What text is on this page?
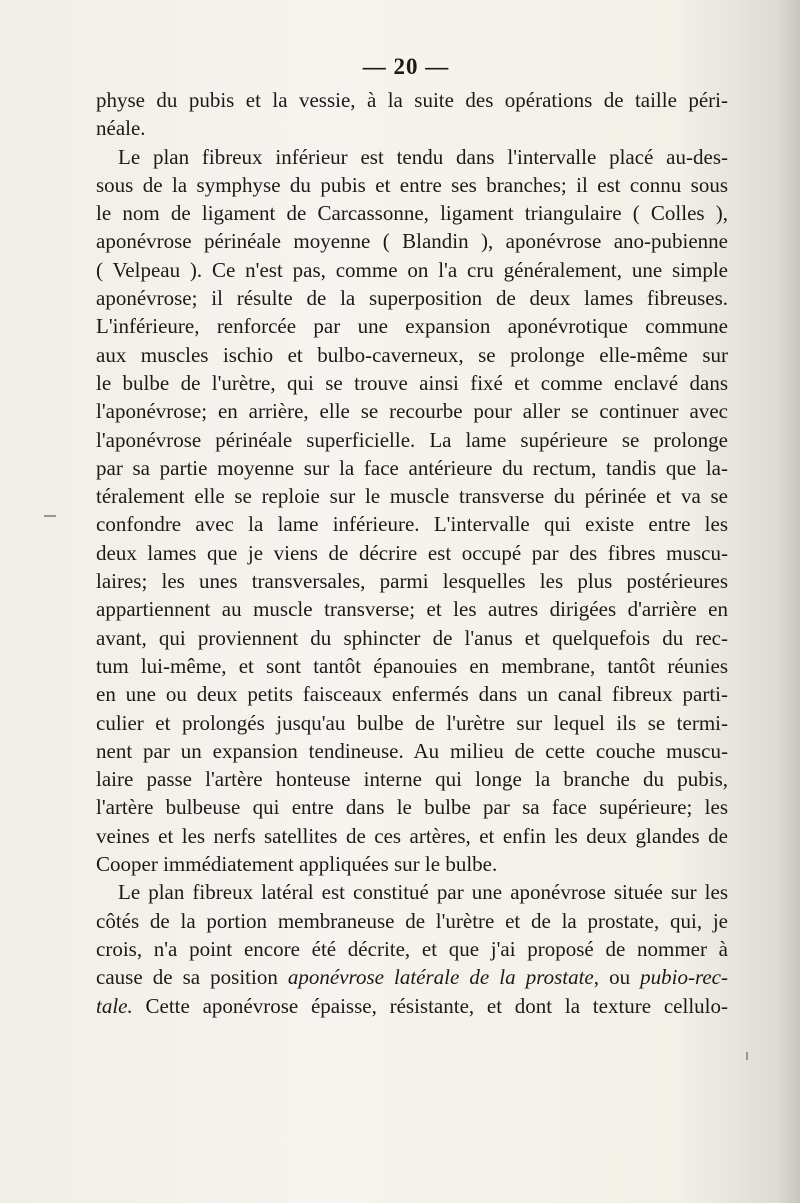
— 20 —
physe du pubis et la vessie, à la suite des opérations de taille péri-
néale.
Le plan fibreux inférieur est tendu dans l'intervalle placé au-des-
sous de la symphyse du pubis et entre ses branches; il est connu sous
le nom de ligament de Carcassonne, ligament triangulaire ( Colles ),
aponévrose périnéale moyenne ( Blandin ), aponévrose ano-pubienne
( Velpeau ). Ce n'est pas, comme on l'a cru généralement, une simple
aponévrose; il résulte de la superposition de deux lames fibreuses.
L'inférieure, renforcée par une expansion aponévrotique commune
aux muscles ischio et bulbo-caverneux, se prolonge elle-même sur
le bulbe de l'urètre, qui se trouve ainsi fixé et comme enclavé dans
l'aponévrose; en arrière, elle se recourbe pour aller se continuer avec
l'aponévrose périnéale superficielle. La lame supérieure se prolonge
par sa partie moyenne sur la face antérieure du rectum, tandis que la-
téralement elle se reploie sur le muscle transverse du périnée et va se
confondre avec la lame inférieure. L'intervalle qui existe entre les
deux lames que je viens de décrire est occupé par des fibres muscu-
laires; les unes transversales, parmi lesquelles les plus postérieures
appartiennent au muscle transverse; et les autres dirigées d'arrière en
avant, qui proviennent du sphincter de l'anus et quelquefois du rec-
tum lui-même, et sont tantôt épanouies en membrane, tantôt réunies
en une ou deux petits faisceaux enfermés dans un canal fibreux parti-
culier et prolongés jusqu'au bulbe de l'urètre sur lequel ils se termi-
nent par un expansion tendineuse. Au milieu de cette couche muscu-
laire passe l'artère honteuse interne qui longe la branche du pubis,
l'artère bulbeuse qui entre dans le bulbe par sa face supérieure; les
veines et les nerfs satellites de ces artères, et enfin les deux glandes de
Cooper immédiatement appliquées sur le bulbe.
Le plan fibreux latéral est constitué par une aponévrose située sur les
côtés de la portion membraneuse de l'urètre et de la prostate, qui, je
crois, n'a point encore été décrite, et que j'ai proposé de nommer à
cause de sa position aponévrose latérale de la prostate, ou pubio-rec-
tale. Cette aponévrose épaisse, résistante, et dont la texture cellulo-
